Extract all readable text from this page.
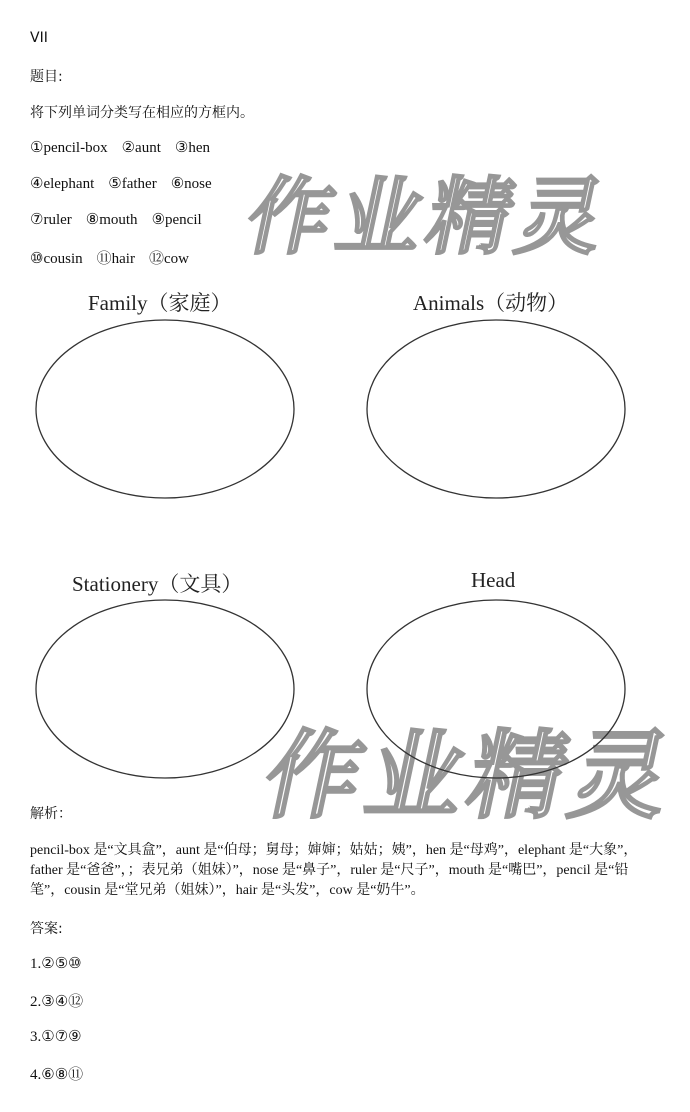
VII
题目:
将下列单词分类写在相应的方框内。
①pencil-box ②aunt ③hen
④elephant ⑤father ⑥nose
⑦ruler ⑧mouth ⑨pencil
⑩cousin ⑪hair ⑫cow 作业精灵
作业精灵
Family（家庭）	Animals（动物）
Stationery（文具）	Head
解析：
pencil-box 是“文具盒”，aunt 是“伯母；舅母；婶婶；姑姑；姨”，hen 是“母鸡”，elephant 是“大象”，father 是“爸爸”，；表兄弟（姐妹）”，nose 是“鼻子”，ruler 是“尺子”，mouth 是“嘴巴”，pencil 是“铅笔”，cousin 是“堂兄弟（姐妹）”，hair 是“头发”，cow 是“奶牛”。
答案:
1.②⑤⑩
2.③④⑫
3.①⑦⑨
4.⑥⑧⑪
